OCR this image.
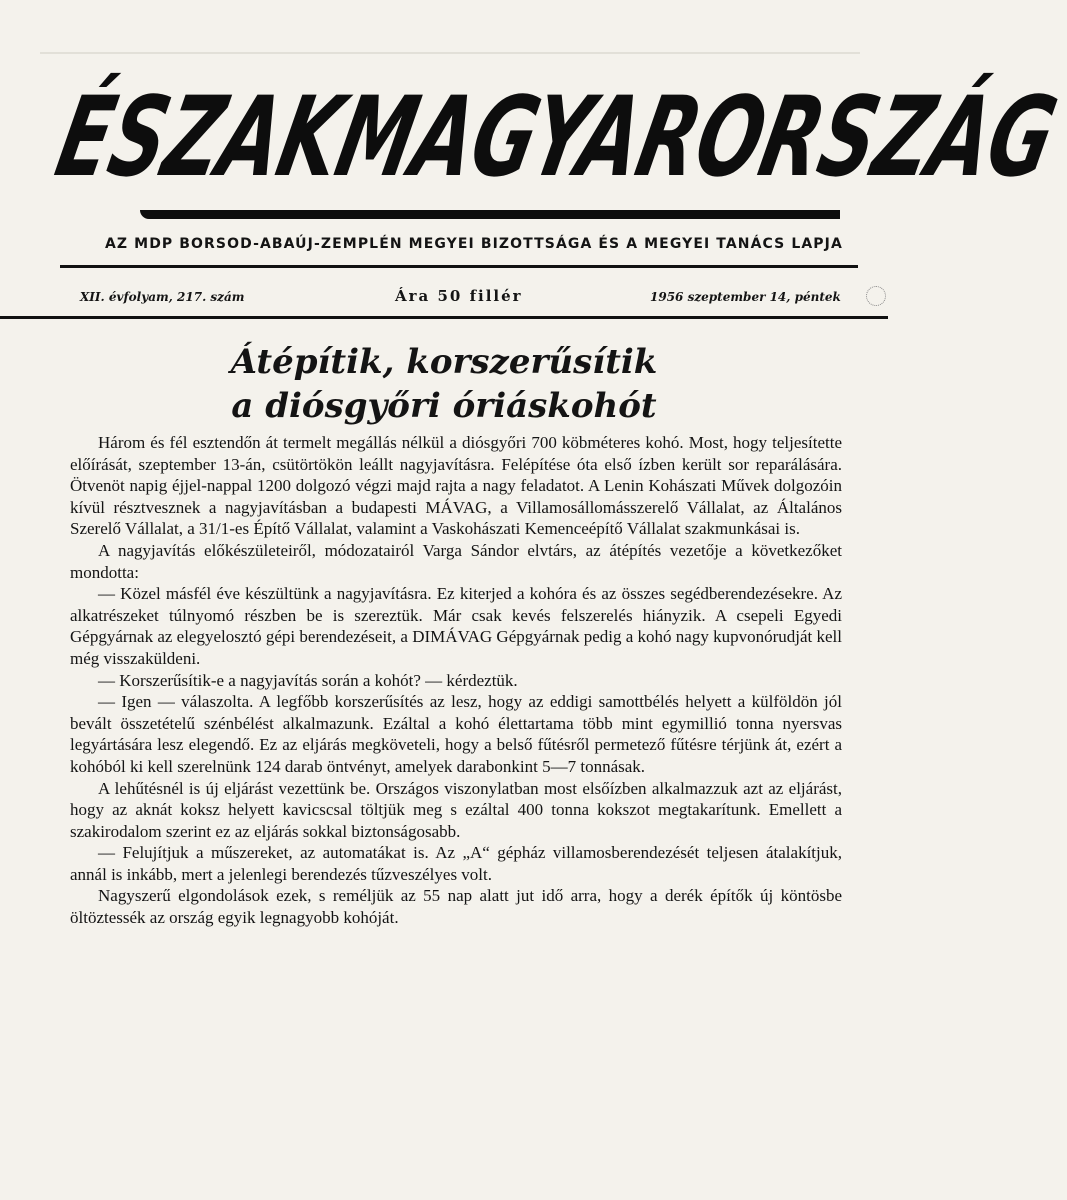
ÉSZAKMAGYARORSZÁG
AZ MDP BORSOD-ABAÚJ-ZEMPLÉN MEGYEI BIZOTTSÁGA ÉS A MEGYEI TANÁCS LAPJA
XII. évfolyam, 217. szám	Ára 50 fillér	1956 szeptember 14, péntek
Átépítik, korszerűsítik
a diósgyőri óriáskohót

Három és fél esztendőn át termelt megállás nélkül a diósgyőri 700 köbméteres kohó. Most, hogy teljesítette előírását, szeptember 13-án, csütörtökön leállt nagyjavításra. Felépítése óta első ízben került sor reparálására. Ötvenöt napig éjjel-nappal 1200 dolgozó végzi majd rajta a nagy feladatot. A Lenin Kohászati Művek dolgozóin kívül résztvesznek a nagyjavításban a budapesti MÁVAG, a Villamosállomásszerelő Vállalat, az Általános Szerelő Vállalat, a 31/1-es Építő Vállalat, valamint a Vaskohászati Kemenceépítő Vállalat szakmunkásai is.

A nagyjavítás előkészületeiről, módozatairól Varga Sándor elvtárs, az átépítés vezetője a következőket mondotta:

— Közel másfél éve készültünk a nagyjavításra. Ez kiterjed a kohóra és az összes segédberendezésekre. Az alkatrészeket túlnyomó részben be is szereztük. Már csak kevés felszerelés hiányzik. A csepeli Egyedi Gépgyárnak az elegyelosztó gépi berendezéseit, a DIMÁVAG Gépgyárnak pedig a kohó nagy kupvonórudját kell még visszaküldeni.

— Korszerűsítik-e a nagyjavítás során a kohót? — kérdeztük.

— Igen — válaszolta. A legfőbb korszerűsítés az lesz, hogy az eddigi samottbélés helyett a külföldön jól bevált összetételű szénbélést alkalmazunk. Ezáltal a kohó élettartama több mint egymillió tonna nyersvas legyártására lesz elegendő. Ez az eljárás megköveteli, hogy a belső fűtésről permetező fűtésre térjünk át, ezért a kohóból ki kell szerelnünk 124 darab öntvényt, amelyek darabonkint 5—7 tonnásak.

A lehűtésnél is új eljárást vezettünk be. Országos viszonylatban most elsőízben alkalmazzuk azt az eljárást, hogy az aknát koksz helyett kavicscsal töltjük meg s ezáltal 400 tonna kokszot megtakarítunk. Emellett a szakirodalom szerint ez az eljárás sokkal biztonságosabb.

— Felujítjuk a műszereket, az automatákat is. Az „A“ gépház villamosberendezését teljesen átalakítjuk, annál is inkább, mert a jelenlegi berendezés tűzveszélyes volt.

Nagyszerű elgondolások ezek, s reméljük az 55 nap alatt jut idő arra, hogy a derék építők új köntösbe öltöztessék az ország egyik legnagyobb kohóját.
